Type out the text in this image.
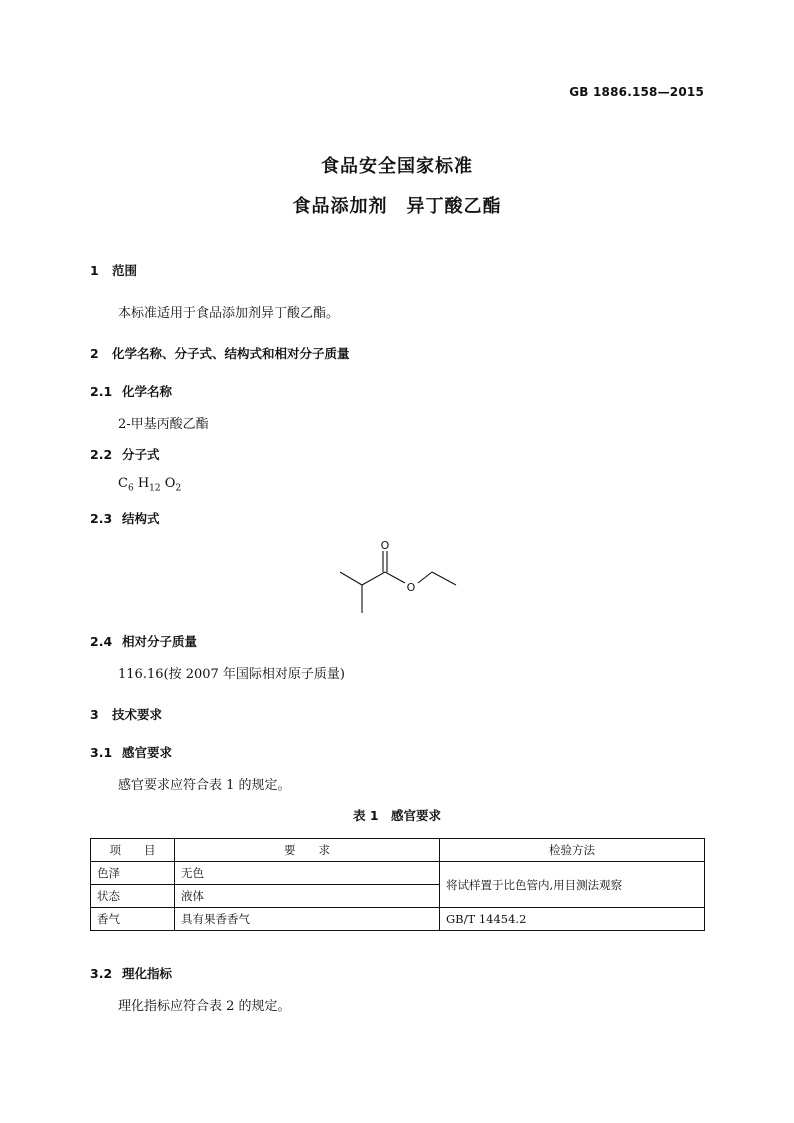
GB 1886.158—2015
食品安全国家标准
食品添加剂　异丁酸乙酯
1 范围
本标准适用于食品添加剂异丁酸乙酯。
2 化学名称、分子式、结构式和相对分子质量
2.1 化学名称
2-甲基丙酸乙酯
2.2 分子式
$C_6$ $H_{12}$ $O_2$
2.3 结构式
O
O
2.4 相对分子质量
116.16(按 2007 年国际相对原子质量)
3 技术要求
3.1 感官要求
感官要求应符合表 1 的规定。
表 1　感官要求
项　　目	要　　求	检验方法
色泽	无色	将试样置于比色管内,用目测法观察
状态	液体	
香气	具有果香香气	GB/T 14454.2
3.2 理化指标
理化指标应符合表 2 的规定。
